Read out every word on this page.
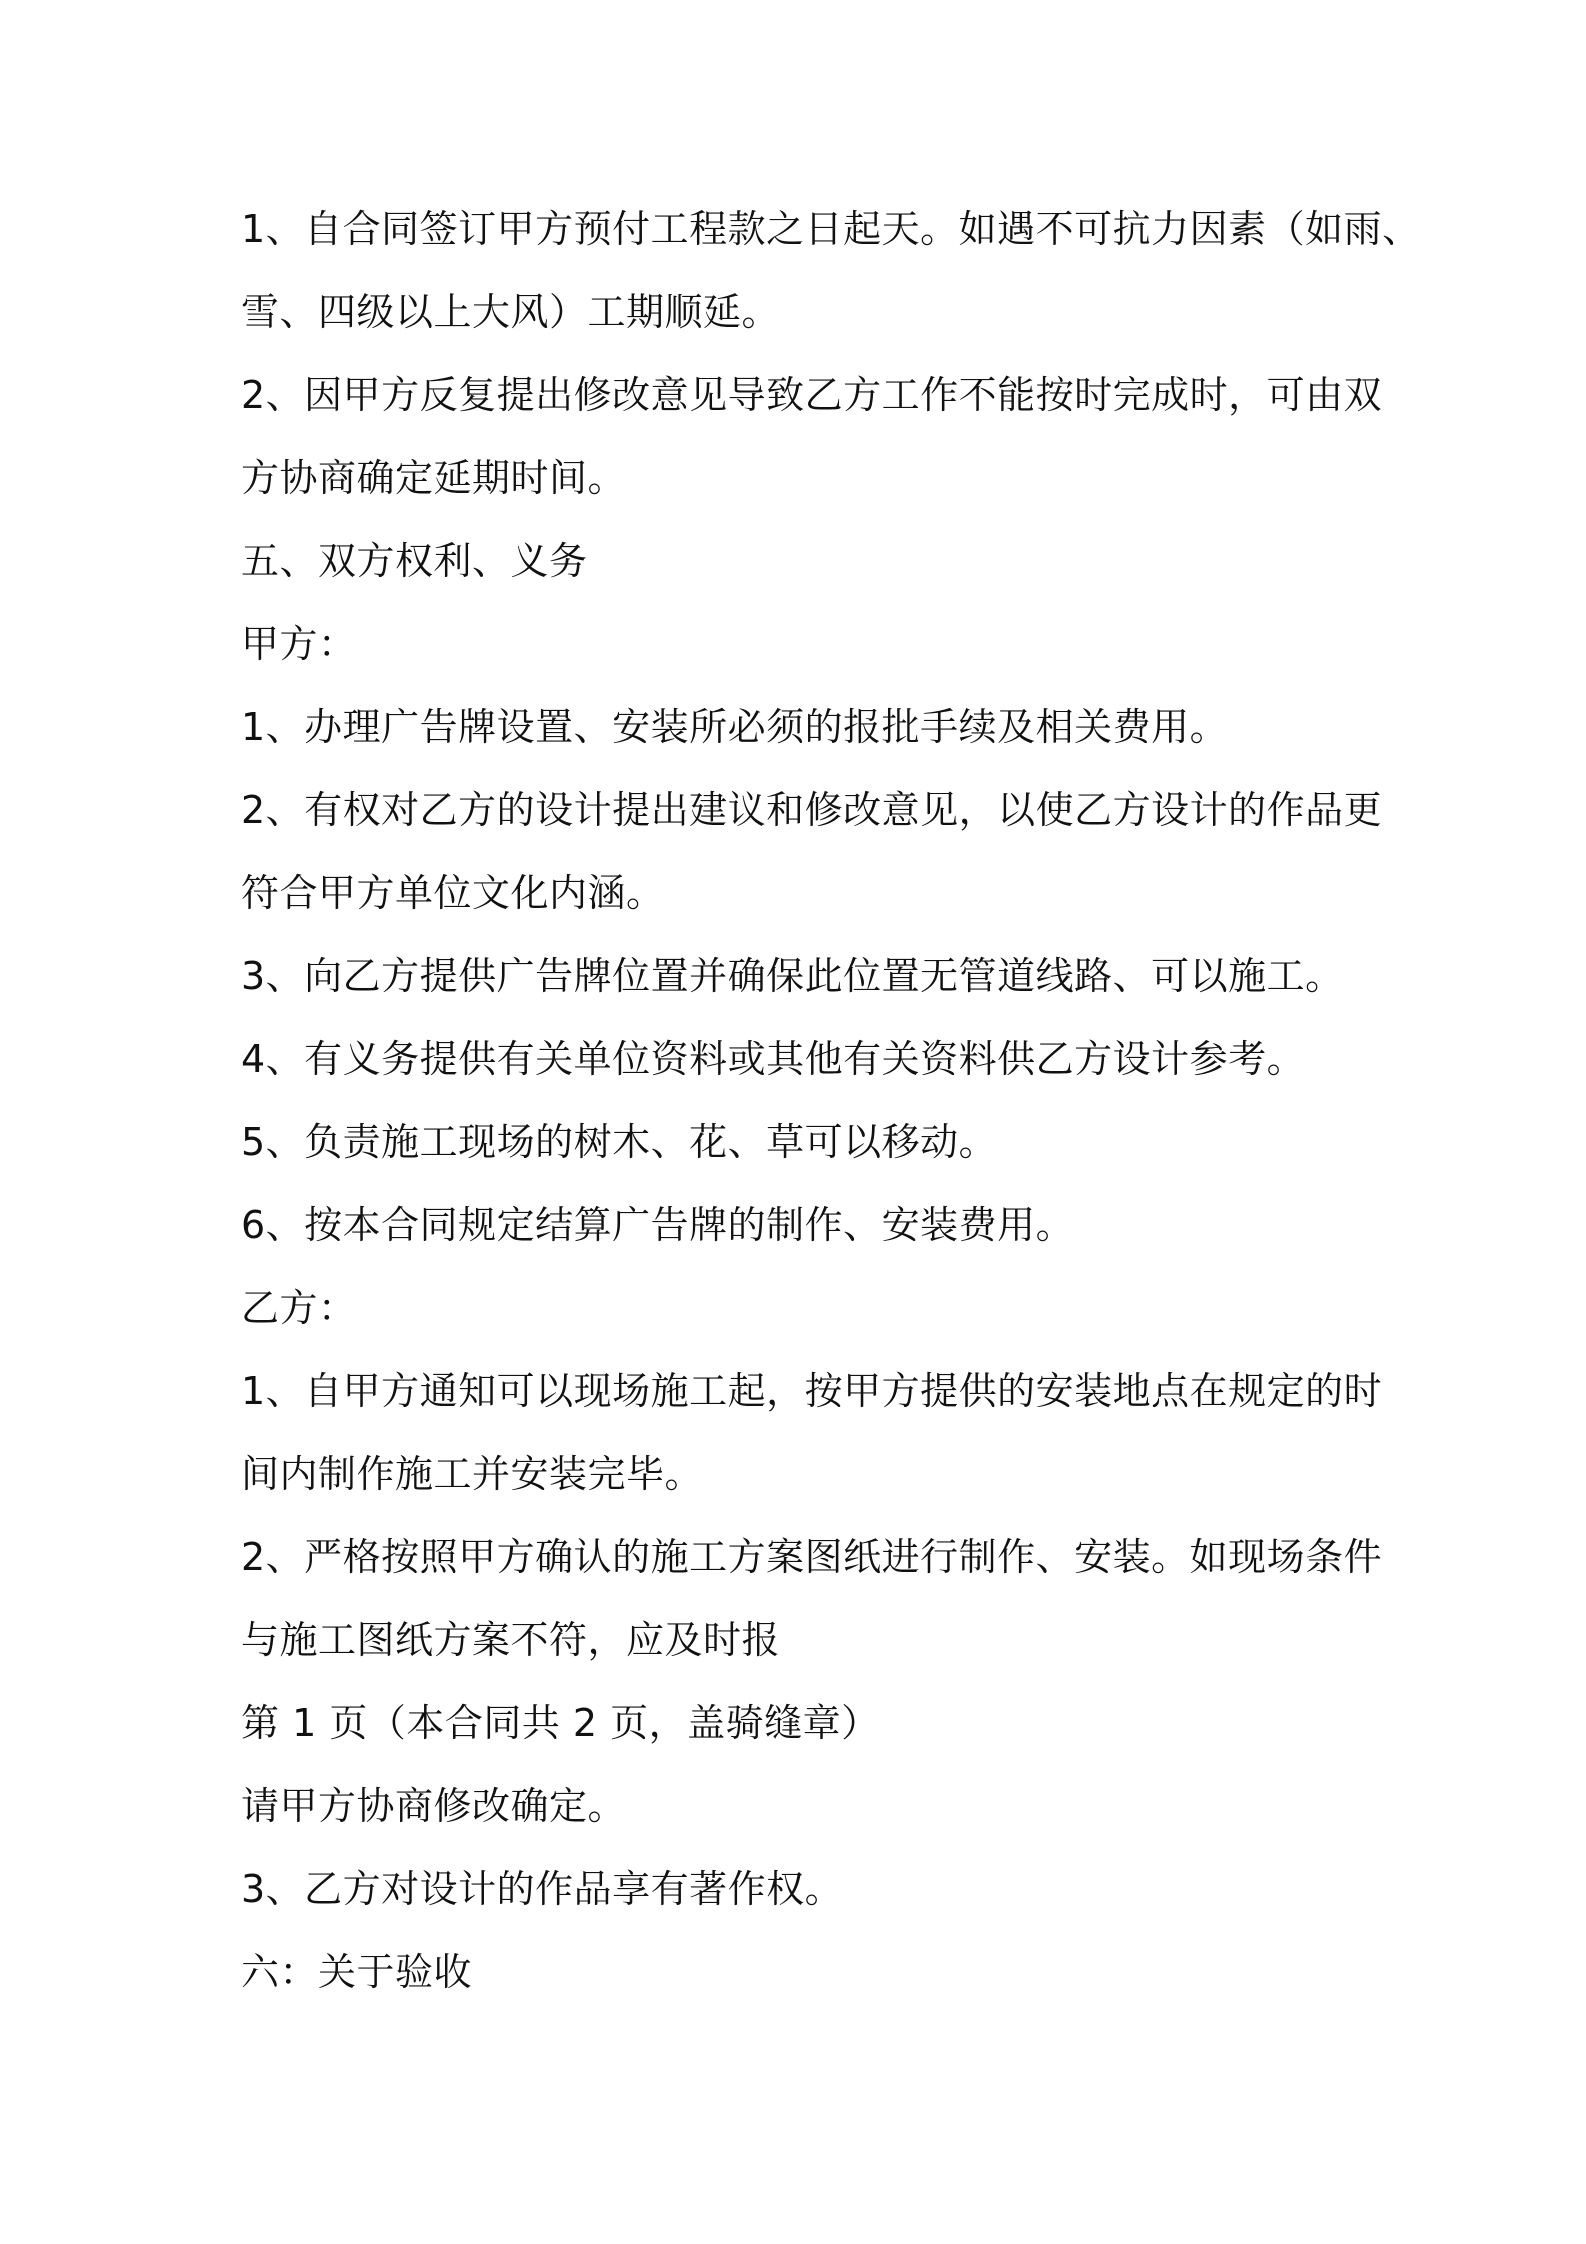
1、自合同签订甲方预付工程款之日起天。如遇不可抗力因素（如雨、
雪、四级以上大风）工期顺延。
2、因甲方反复提出修改意见导致乙方工作不能按时完成时，可由双
方协商确定延期时间。
五、双方权利、义务
甲方：
1、办理广告牌设置、安装所必须的报批手续及相关费用。
2、有权对乙方的设计提出建议和修改意见，以使乙方设计的作品更
符合甲方单位文化内涵。
3、向乙方提供广告牌位置并确保此位置无管道线路、可以施工。
4、有义务提供有关单位资料或其他有关资料供乙方设计参考。
5、负责施工现场的树木、花、草可以移动。
6、按本合同规定结算广告牌的制作、安装费用。
乙方：
1、自甲方通知可以现场施工起，按甲方提供的安装地点在规定的时
间内制作施工并安装完毕。
2、严格按照甲方确认的施工方案图纸进行制作、安装。如现场条件
与施工图纸方案不符，应及时报
第 1 页（本合同共 2 页，盖骑缝章）
请甲方协商修改确定。
3、乙方对设计的作品享有著作权。
六：关于验收
